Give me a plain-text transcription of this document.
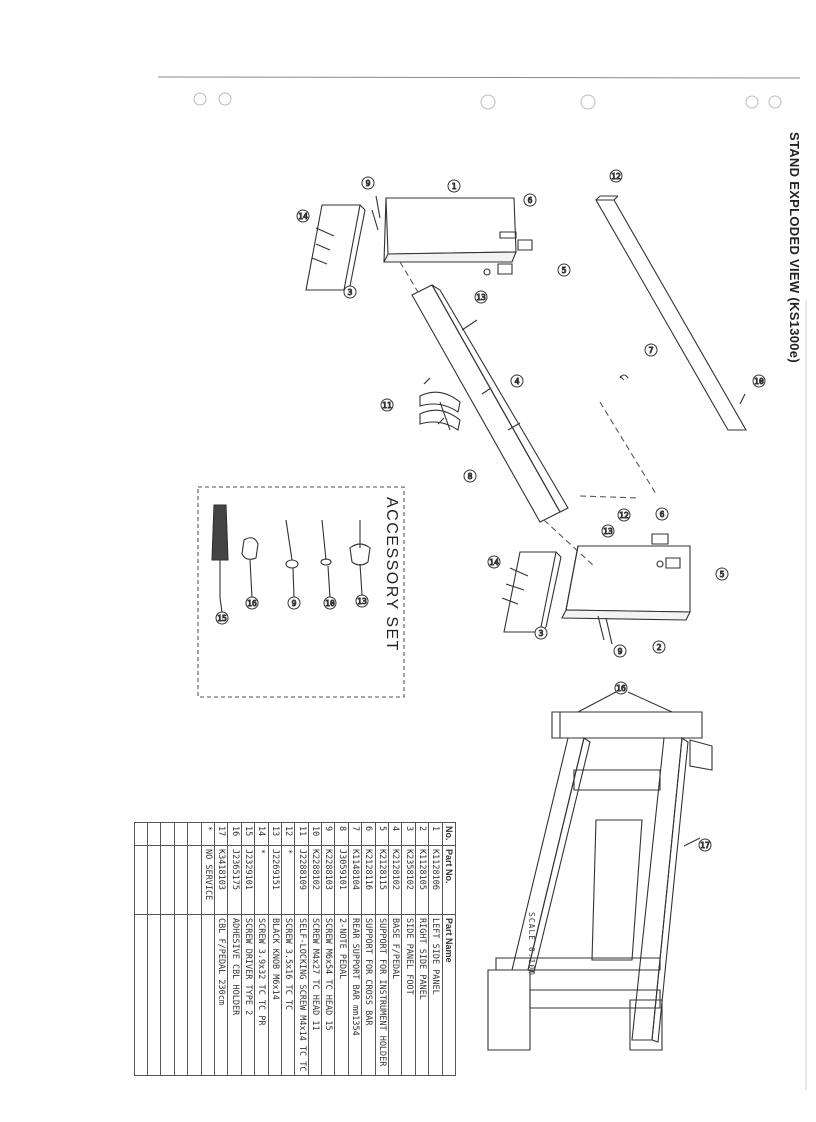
1
9
6
5
13
14
3
12
7
10
4
11
8
12	6
13
5
14
3
9	2
16
17
13
10
9
16
15
STAND EXPLODED VIEW (KS1300e)
ACCESSORY SET
SCALE 0.100
No.	Part No.	Part Name
1	K1128106	LEFT SIDE PANEL
2	K1128105	RIGHT SIDE PANEL
3	K2358102	SIDE PANEL FOOT
4	K2128102	BASE F/PEDAL
5	K2128115	SUPPORT FOR INSTRUMENT HOLDER
6	K2128116	SUPPORT FOR CROSS BAR
7	K1148104	REAR SUPPORT BAR mm1354
8	J3059101	2-NOTE PEDAL
9	K2288103	SCREW M6x54 TC HEAD 15
10	K2288102	SCREW M4x27 TC HEAD 11
11	J2288109	SELF-LOCKING SCREW M4x14 TC TC
12	*	SCREW 3.5x16 TC TC
13	J2269151	BLACK KNOB M6x14
14	*	SCREW 3.9x32 TC TC PR
15	J2329101	SCREW DRIVER TYPE 2
16	J2365175	ADHESIVE CBL HOLDER
17	K3418103	CBL F/PEDAL 230cm
*	NO SERVICE	
